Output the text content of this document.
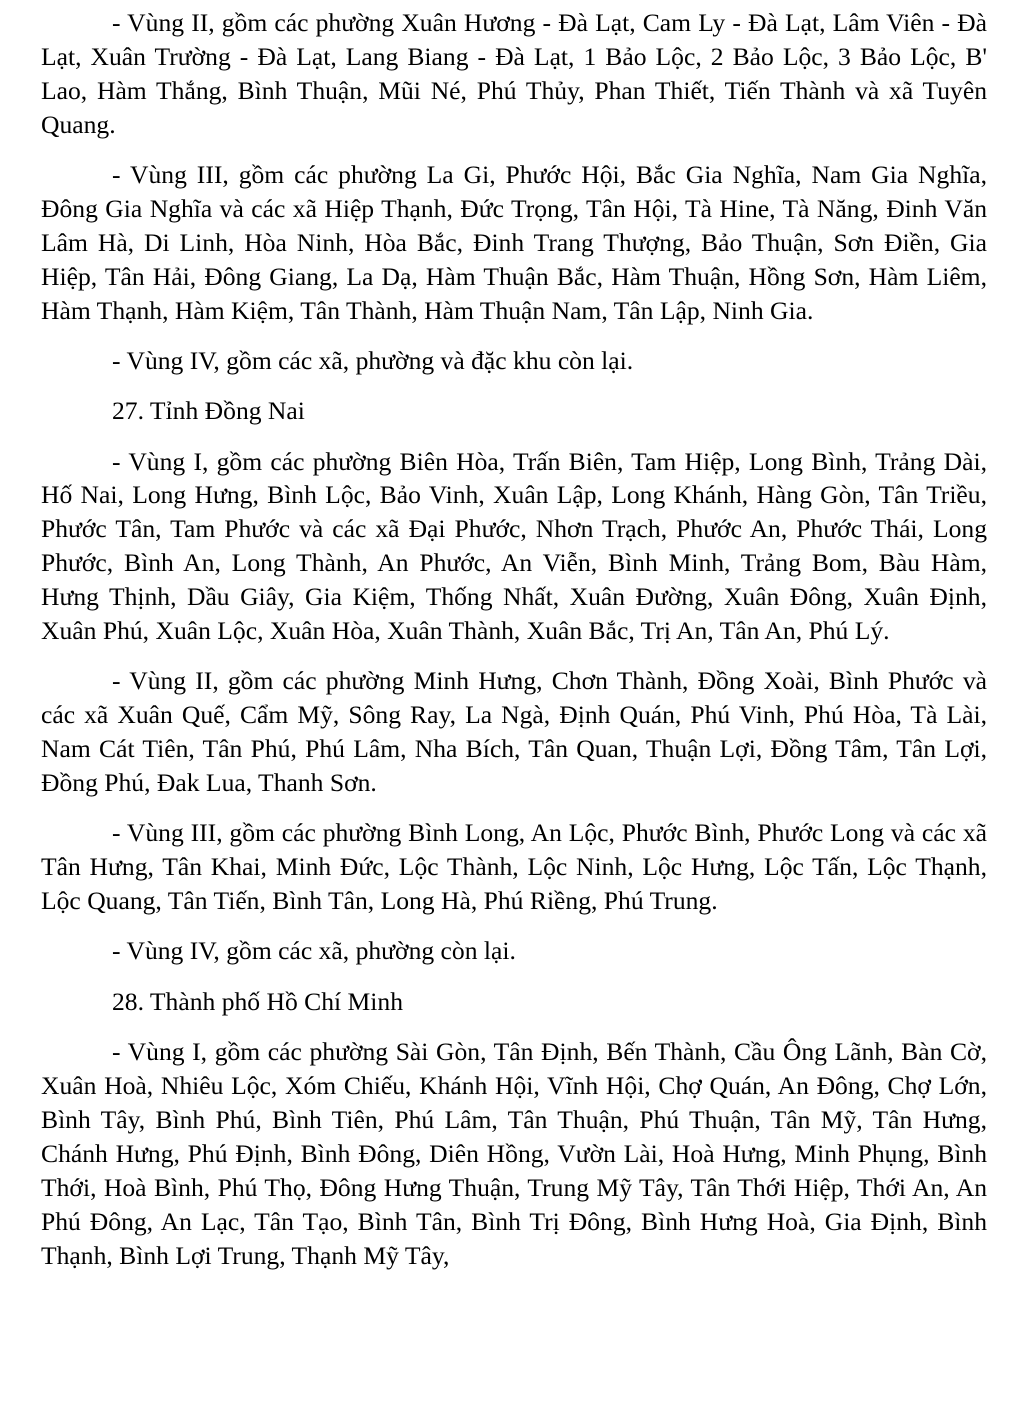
- Vùng II, gồm các phường Xuân Hương - Đà Lạt, Cam Ly - Đà Lạt, Lâm Viên - Đà Lạt, Xuân Trường - Đà Lạt, Lang Biang - Đà Lạt, 1 Bảo Lộc, 2 Bảo Lộc, 3 Bảo Lộc, B' Lao, Hàm Thắng, Bình Thuận, Mũi Né, Phú Thủy, Phan Thiết, Tiến Thành và xã Tuyên Quang.

- Vùng III, gồm các phường La Gi, Phước Hội, Bắc Gia Nghĩa, Nam Gia Nghĩa, Đông Gia Nghĩa và các xã Hiệp Thạnh, Đức Trọng, Tân Hội, Tà Hine, Tà Năng, Đinh Văn Lâm Hà, Di Linh, Hòa Ninh, Hòa Bắc, Đinh Trang Thượng, Bảo Thuận, Sơn Điền, Gia Hiệp, Tân Hải, Đông Giang, La Dạ, Hàm Thuận Bắc, Hàm Thuận, Hồng Sơn, Hàm Liêm, Hàm Thạnh, Hàm Kiệm, Tân Thành, Hàm Thuận Nam, Tân Lập, Ninh Gia.

- Vùng IV, gồm các xã, phường và đặc khu còn lại.

27. Tỉnh Đồng Nai

- Vùng I, gồm các phường Biên Hòa, Trấn Biên, Tam Hiệp, Long Bình, Trảng Dài, Hố Nai, Long Hưng, Bình Lộc, Bảo Vinh, Xuân Lập, Long Khánh, Hàng Gòn, Tân Triều, Phước Tân, Tam Phước và các xã Đại Phước, Nhơn Trạch, Phước An, Phước Thái, Long Phước, Bình An, Long Thành, An Phước, An Viễn, Bình Minh, Trảng Bom, Bàu Hàm, Hưng Thịnh, Dầu Giây, Gia Kiệm, Thống Nhất, Xuân Đường, Xuân Đông, Xuân Định, Xuân Phú, Xuân Lộc, Xuân Hòa, Xuân Thành, Xuân Bắc, Trị An, Tân An, Phú Lý.

- Vùng II, gồm các phường Minh Hưng, Chơn Thành, Đồng Xoài, Bình Phước và các xã Xuân Quế, Cẩm Mỹ, Sông Ray, La Ngà, Định Quán, Phú Vinh, Phú Hòa, Tà Lài, Nam Cát Tiên, Tân Phú, Phú Lâm, Nha Bích, Tân Quan, Thuận Lợi, Đồng Tâm, Tân Lợi, Đồng Phú, Đak Lua, Thanh Sơn.

- Vùng III, gồm các phường Bình Long, An Lộc, Phước Bình, Phước Long và các xã Tân Hưng, Tân Khai, Minh Đức, Lộc Thành, Lộc Ninh, Lộc Hưng, Lộc Tấn, Lộc Thạnh, Lộc Quang, Tân Tiến, Bình Tân, Long Hà, Phú Riềng, Phú Trung.

- Vùng IV, gồm các xã, phường còn lại.

28. Thành phố Hồ Chí Minh

- Vùng I, gồm các phường Sài Gòn, Tân Định, Bến Thành, Cầu Ông Lãnh, Bàn Cờ, Xuân Hoà, Nhiêu Lộc, Xóm Chiếu, Khánh Hội, Vĩnh Hội, Chợ Quán, An Đông, Chợ Lớn, Bình Tây, Bình Phú, Bình Tiên, Phú Lâm, Tân Thuận, Phú Thuận, Tân Mỹ, Tân Hưng, Chánh Hưng, Phú Định, Bình Đông, Diên Hồng, Vườn Lài, Hoà Hưng, Minh Phụng, Bình Thới, Hoà Bình, Phú Thọ, Đông Hưng Thuận, Trung Mỹ Tây, Tân Thới Hiệp, Thới An, An Phú Đông, An Lạc, Tân Tạo, Bình Tân, Bình Trị Đông, Bình Hưng Hoà, Gia Định, Bình Thạnh, Bình Lợi Trung, Thạnh Mỹ Tây,
